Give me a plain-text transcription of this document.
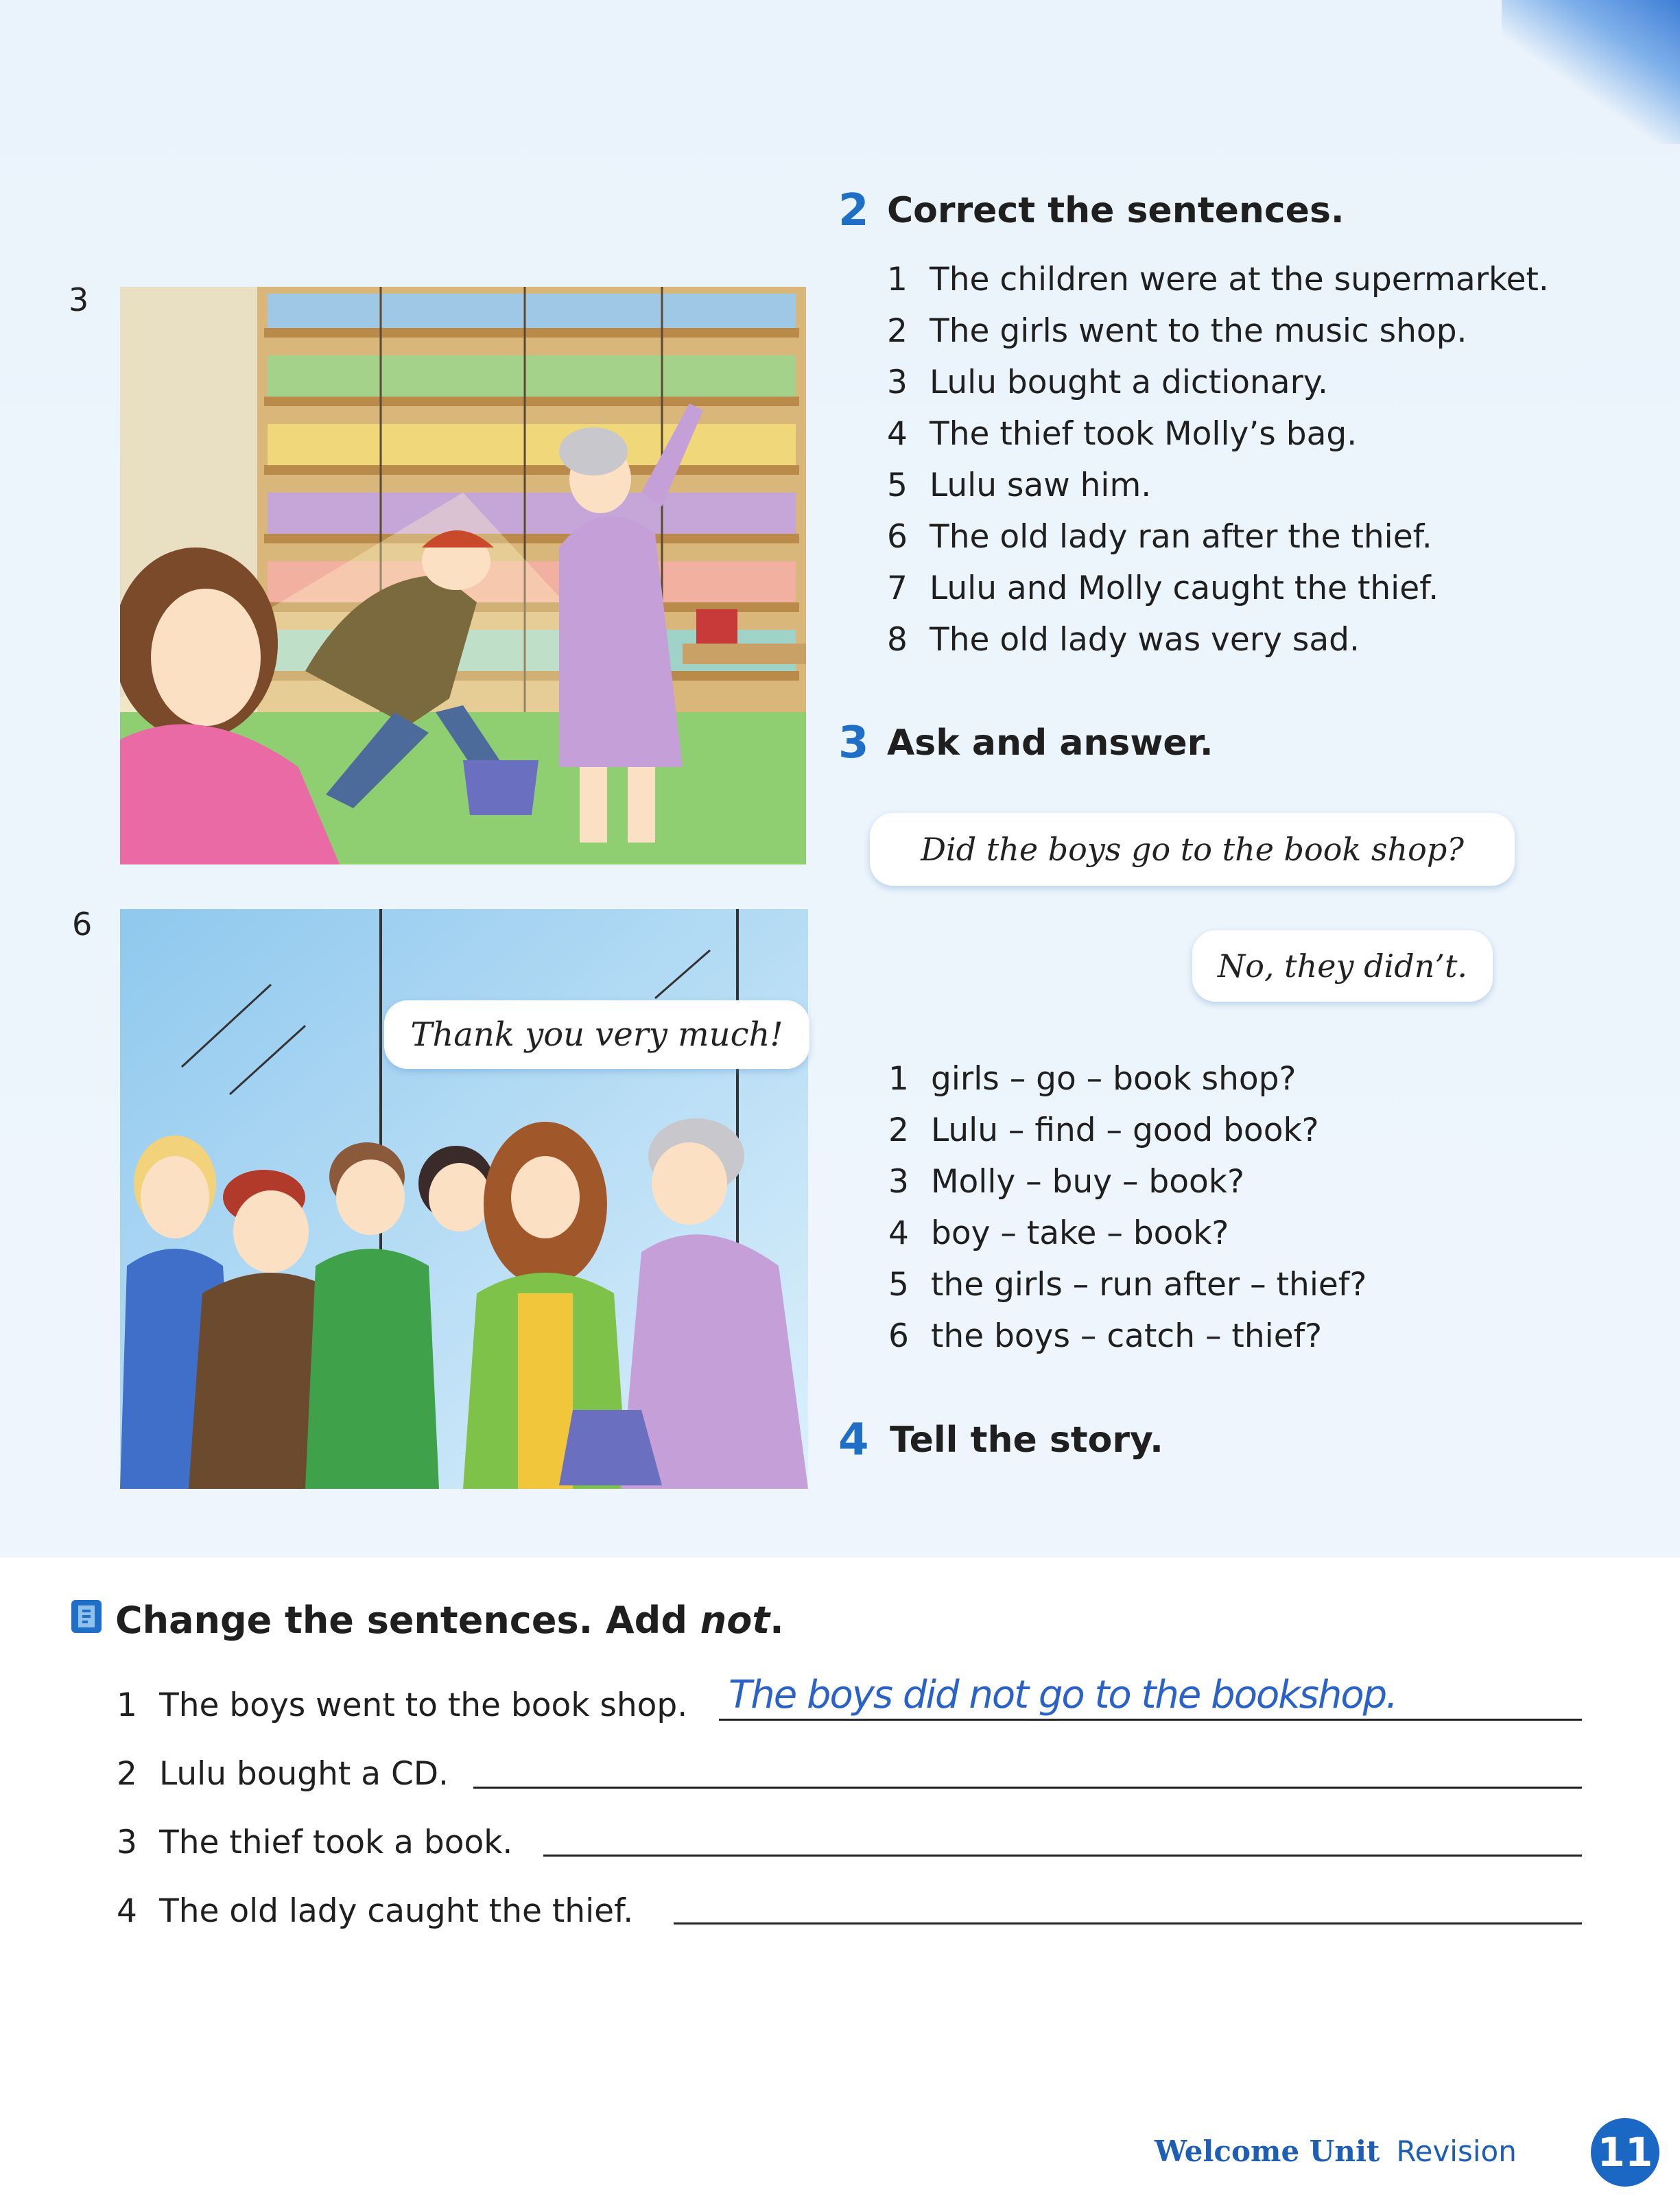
3
6
Thank you very much!
2 Correct the sentences.
1 The children were at the supermarket.
2 The girls went to the music shop.
3 Lulu bought a dictionary.
4 The thief took Molly’s bag.
5 Lulu saw him.
6 The old lady ran after the thief.
7 Lulu and Molly caught the thief.
8 The old lady was very sad.
3 Ask and answer.
Did the boys go to the book shop?
No, they didn’t.
1 girls – go – book shop?
2 Lulu – find – good book?
3 Molly – buy – book?
4 boy – take – book?
5 the girls – run after – thief?
6 the boys – catch – thief?
4 Tell the story.
Change the sentences. Add not.
1 The boys went to the book shop. The boys did not go to the bookshop.
2 Lulu bought a CD.
3 The thief took a book.
4 The old lady caught the thief.
Welcome Unit Revision 11
